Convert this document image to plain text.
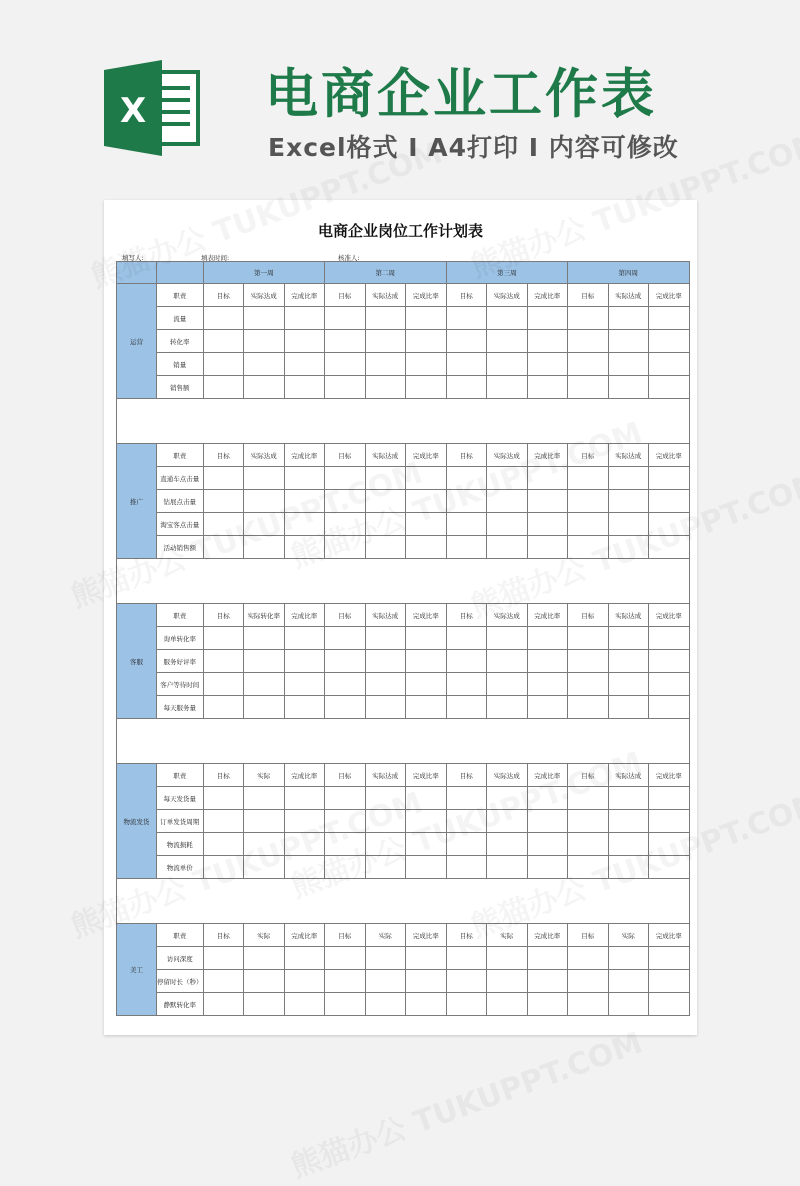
X 电商企业工作表
Excel格式 I A4打印 I 内容可修改
电商企业岗位工作计划表
填写人:	填表时间:	核准人:
		第一周			第二周			第三周			第四周		
运营	职责	目标	实际达成	完成比率	目标	实际达成	完成比率	目标	实际达成	完成比率	目标	实际达成	完成比率
	流量												
	转化率												
	销量												
	销售额												

推广	职责	目标	实际达成	完成比率	目标	实际达成	完成比率	目标	实际达成	完成比率	目标	实际达成	完成比率
	直通车点击量												
	钻展点击量												
	淘宝客点击量												
	活动销售额												

客服	职责	目标	实际转化率	完成比率	目标	实际达成	完成比率	目标	实际达成	完成比率	目标	实际达成	完成比率
	询单转化率												
	服务好评率												
	客户等待时间												
	每天服务量												

物流发货	职责	目标	实际	完成比率	目标	实际达成	完成比率	目标	实际达成	完成比率	目标	实际达成	完成比率
	每天发货量												
	订单发货周期												
	物流损耗												
	物流单价												

美工	职责	目标	实际	完成比率	目标	实际	完成比率	目标	实际	完成比率	目标	实际	完成比率
	访问深度												
	停留时长（秒）												
	静默转化率												
